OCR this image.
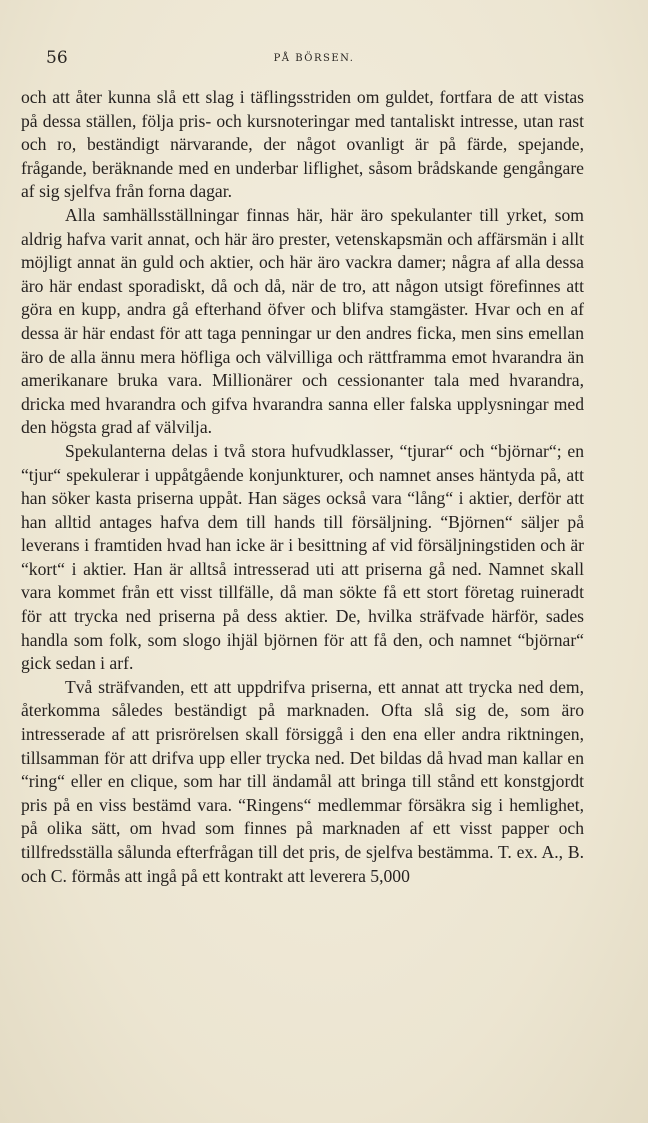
56	PÅ BÖRSEN.

och att åter kunna slå ett slag i täflingsstriden om guldet, fortfara de att vistas på dessa ställen, följa pris- och kursnoteringar med tantaliskt intresse, utan rast och ro, beständigt närvarande, der något ovanligt är på färde, spejande, frågande, beräknande med en underbar liflighet, såsom brådskande gengångare af sig sjelfva från forna dagar.

Alla samhällsställningar finnas här, här äro spekulanter till yrket, som aldrig hafva varit annat, och här äro prester, vetenskapsmän och affärsmän i allt möjligt annat än guld och aktier, och här äro vackra damer; några af alla dessa äro här endast sporadiskt, då och då, när de tro, att någon utsigt förefinnes att göra en kupp, andra gå efterhand öfver och blifva stamgäster. Hvar och en af dessa är här endast för att taga penningar ur den andres ficka, men sins emellan äro de alla ännu mera höfliga och välvilliga och rättframma emot hvarandra än amerikanare bruka vara. Millionärer och cessionanter tala med hvarandra, dricka med hvarandra och gifva hvarandra sanna eller falska upplysningar med den högsta grad af välvilja.

Spekulanterna delas i två stora hufvudklasser, “tjurar“ och “björnar“; en “tjur“ spekulerar i uppåtgående konjunkturer, och namnet anses häntyda på, att han söker kasta priserna uppåt. Han säges också vara “lång“ i aktier, derför att han alltid antages hafva dem till hands till försäljning. “Björnen“ säljer på leverans i framtiden hvad han icke är i besittning af vid försäljningstiden och är “kort“ i aktier. Han är alltså intresserad uti att priserna gå ned. Namnet skall vara kommet från ett visst tillfälle, då man sökte få ett stort företag ruineradt för att trycka ned priserna på dess aktier. De, hvilka sträfvade härför, sades handla som folk, som slogo ihjäl björnen för att få den, och namnet “björnar“ gick sedan i arf.

Två sträfvanden, ett att uppdrifva priserna, ett annat att trycka ned dem, återkomma således beständigt på marknaden. Ofta slå sig de, som äro intresserade af att prisrörelsen skall försiggå i den ena eller andra riktningen, tillsamman för att drifva upp eller trycka ned. Det bildas då hvad man kallar en “ring“ eller en clique, som har till ändamål att bringa till stånd ett konstgjordt pris på en viss bestämd vara. “Ringens“ medlemmar försäkra sig i hemlighet, på olika sätt, om hvad som finnes på marknaden af ett visst papper och tillfredsställa sålunda efterfrågan till det pris, de sjelfva bestämma. T. ex. A., B. och C. förmås att ingå på ett kontrakt att leverera 5,000
